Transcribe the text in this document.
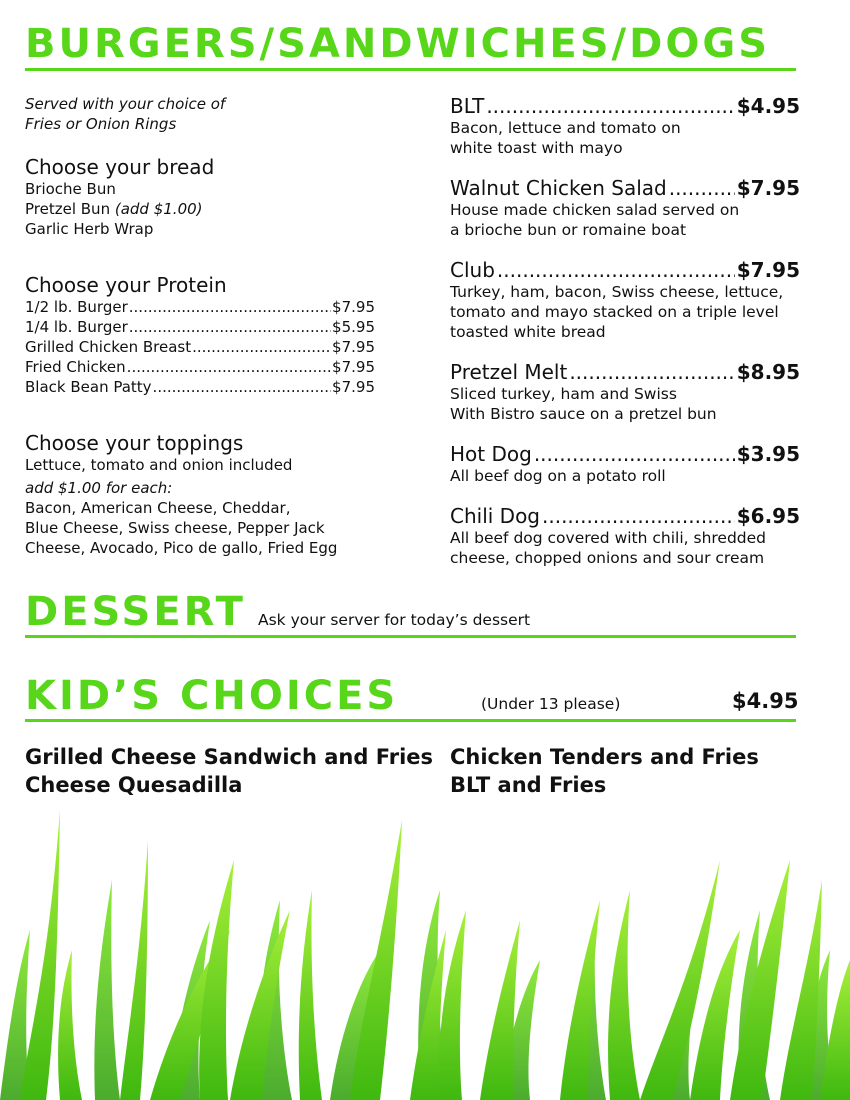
BURGERS/SANDWICHES/DOGS
Served with your choice of
Fries or Onion Rings
Choose your bread
Brioche Bun
Pretzel Bun (add $1.00)
Garlic Herb Wrap
Choose your Protein
1/2 lb. Burger .....	$7.95
1/4 lb. Burger .....	$5.95
Grilled Chicken Breast .....	$7.95
Fried Chicken .....	$7.95
Black Bean Patty .....	$7.95
Choose your toppings
Lettuce, tomato and onion included
add $1.00 for each:
Bacon, American Cheese, Cheddar,
Blue Cheese, Swiss cheese, Pepper Jack
Cheese, Avocado, Pico de gallo, Fried Egg
BLT .....	$4.95
Bacon, lettuce and tomato on
white toast with mayo
Walnut Chicken Salad .....	$7.95
House made chicken salad served on
a brioche bun or romaine boat
Club .....	$7.95
Turkey, ham, bacon, Swiss cheese, lettuce,
tomato and mayo stacked on a triple level
toasted white bread
Pretzel Melt .....	$8.95
Sliced turkey, ham and Swiss
With Bistro sauce on a pretzel bun
Hot Dog .....	$3.95
All beef dog on a potato roll
Chili Dog .....	$6.95
All beef dog covered with chili, shredded
cheese, chopped onions and sour cream
DESSERT Ask your server for today’s dessert
KID’S CHOICES	(Under 13 please)	$4.95
Grilled Cheese Sandwich and Fries
Cheese Quesadilla
Chicken Tenders and Fries
BLT and Fries
